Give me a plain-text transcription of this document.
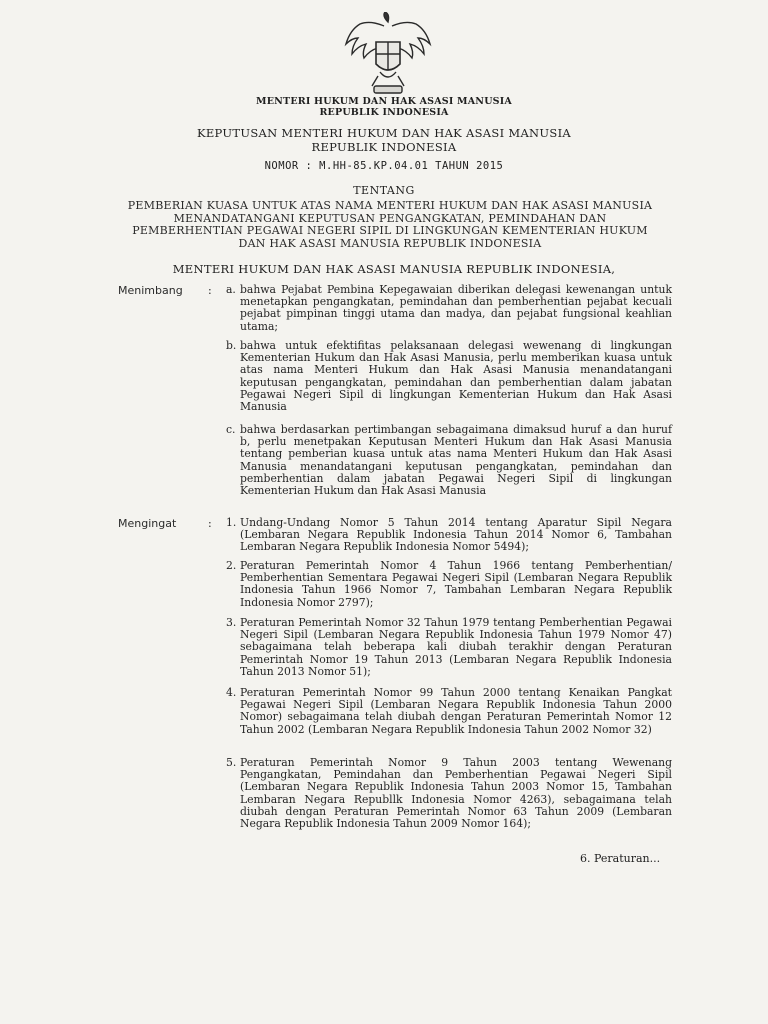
MENTERI HUKUM DAN HAK ASASI MANUSIA
REPUBLIK INDONESIA
KEPUTUSAN MENTERI HUKUM DAN HAK ASASI MANUSIA
REPUBLIK INDONESIA
NOMOR : M.HH-85.KP.04.01 TAHUN 2015
TENTANG
PEMBERIAN KUASA UNTUK ATAS NAMA MENTERI HUKUM DAN HAK ASASI MANUSIA
MENANDATANGANI KEPUTUSAN PENGANGKATAN, PEMINDAHAN DAN
PEMBERHENTIAN PEGAWAI NEGERI SIPIL DI LINGKUNGAN KEMENTERIAN HUKUM
DAN HAK ASASI MANUSIA REPUBLIK INDONESIA
MENTERI HUKUM DAN HAK ASASI MANUSIA REPUBLIK INDONESIA,
Menimbang : a. bahwa Pejabat Pembina Kepegawaian diberikan delegasi kewenangan untuk menetapkan pengangkatan, pemindahan dan pemberhentian pejabat kecuali pejabat pimpinan tinggi utama dan madya, dan pejabat fungsional keahlian utama;
b. bahwa untuk efektifitas pelaksanaan delegasi wewenang di lingkungan Kementerian Hukum dan Hak Asasi Manusia, perlu memberikan kuasa untuk atas nama Menteri Hukum dan Hak Asasi Manusia menandatangani keputusan pengangkatan, pemindahan dan pemberhentian dalam jabatan Pegawai Negeri Sipil di lingkungan Kementerian Hukum dan Hak Asasi Manusia
c. bahwa berdasarkan pertimbangan sebagaimana dimaksud huruf a dan huruf b, perlu menetpakan Keputusan Menteri Hukum dan Hak Asasi Manusia tentang pemberian kuasa untuk atas nama Menteri Hukum dan Hak Asasi Manusia menandatangani keputusan pengangkatan, pemindahan dan pemberhentian dalam jabatan Pegawai Negeri Sipil di lingkungan Kementerian Hukum dan Hak Asasi Manusia
Mengingat	: 1. Undang-Undang Nomor 5 Tahun 2014 tentang Aparatur Sipil Negara (Lembaran Negara Republik Indonesia Tahun 2014 Nomor 6, Tambahan Lembaran Negara Republik Indonesia Nomor 5494);
2. Peraturan Pemerintah Nomor 4 Tahun 1966 tentang Pemberhentian/ Pemberhentian Sementara Pegawai Negeri Sipil (Lembaran Negara Republik Indonesia Tahun 1966 Nomor 7, Tambahan Lembaran Negara Republik Indonesia Nomor 2797);
3. Peraturan Pemerintah Nomor 32 Tahun 1979 tentang Pemberhentian Pegawai Negeri Sipil (Lembaran Negara Republik Indonesia Tahun 1979 Nomor 47) sebagaimana telah beberapa kali diubah terakhir dengan Peraturan Pemerintah Nomor 19 Tahun 2013 (Lembaran Negara Republik Indonesia Tahun 2013 Nomor 51);
4. Peraturan Pemerintah Nomor 99 Tahun 2000 tentang Kenaikan Pangkat Pegawai Negeri Sipil (Lembaran Negara Republik Indonesia Tahun 2000 Nomor) sebagaimana telah diubah dengan Peraturan Pemerintah Nomor 12 Tahun 2002 (Lembaran Negara Republik Indonesia Tahun 2002 Nomor 32)
5. Peraturan Pemerintah Nomor 9 Tahun 2003 tentang Wewenang Pengangkatan, Pemindahan dan Pemberhentian Pegawai Negeri Sipil (Lembaran Negara Republik Indonesia Tahun 2003 Nomor 15, Tambahan Lembaran Negara Republlk Indonesia Nomor 4263), sebagaimana telah diubah dengan Peraturan Pemerintah Nomor 63 Tahun 2009 (Lembaran Negara Republik Indonesia Tahun 2009 Nomor 164);
6. Peraturan...
